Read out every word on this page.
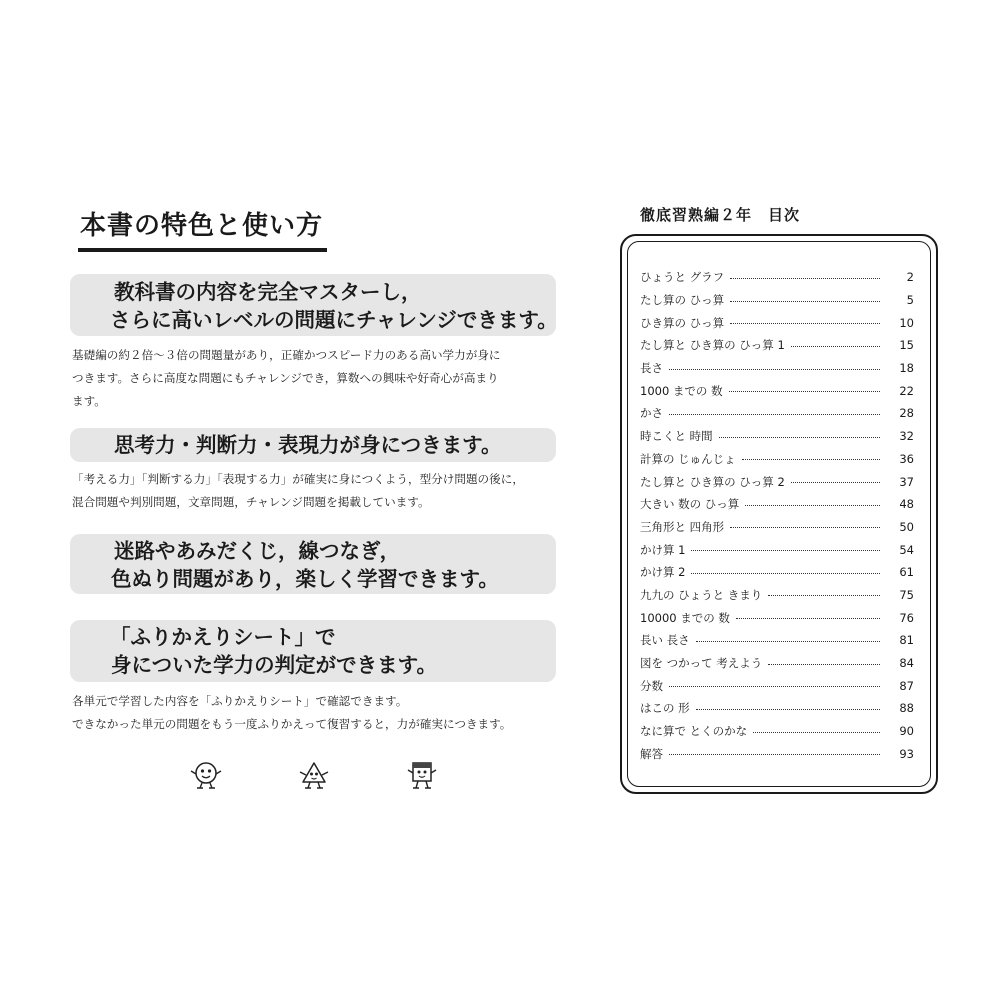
本書の特色と使い方
教科書の内容を完全マスターし，
さらに高いレベルの問題にチャレンジできます。
基礎編の約２倍～３倍の問題量があり，正確かつスピード力のある高い学力が身に
つきます。さらに高度な問題にもチャレンジでき，算数への興味や好奇心が高まり
ます。
思考力・判断力・表現力が身につきます。
「考える力」「判断する力」「表現する力」が確実に身につくよう，型分け問題の後に，
混合問題や判別問題，文章問題，チャレンジ問題を掲載しています。
迷路やあみだくじ，線つなぎ，
色ぬり問題があり，楽しく学習できます。
「ふりかえりシート」で
身についた学力の判定ができます。
各単元で学習した内容を「ふりかえりシート」で確認できます。
できなかった単元の問題をもう一度ふりかえって復習すると，力が確実につきます。
徹底習熟編２年　目次
ひょうと グラフ	2
たし算の ひっ算	5
ひき算の ひっ算	10
たし算と ひき算の ひっ算 1	15
長さ	18
1000 までの 数	22
かさ	28
時こくと 時間	32
計算の じゅんじょ	36
たし算と ひき算の ひっ算 2	37
大きい 数の ひっ算	48
三角形と 四角形	50
かけ算 1	54
かけ算 2	61
九九の ひょうと きまり	75
10000 までの 数	76
長い 長さ	81
図を つかって 考えよう	84
分数	87
はこの 形	88
なに算で とくのかな	90
解答	93
